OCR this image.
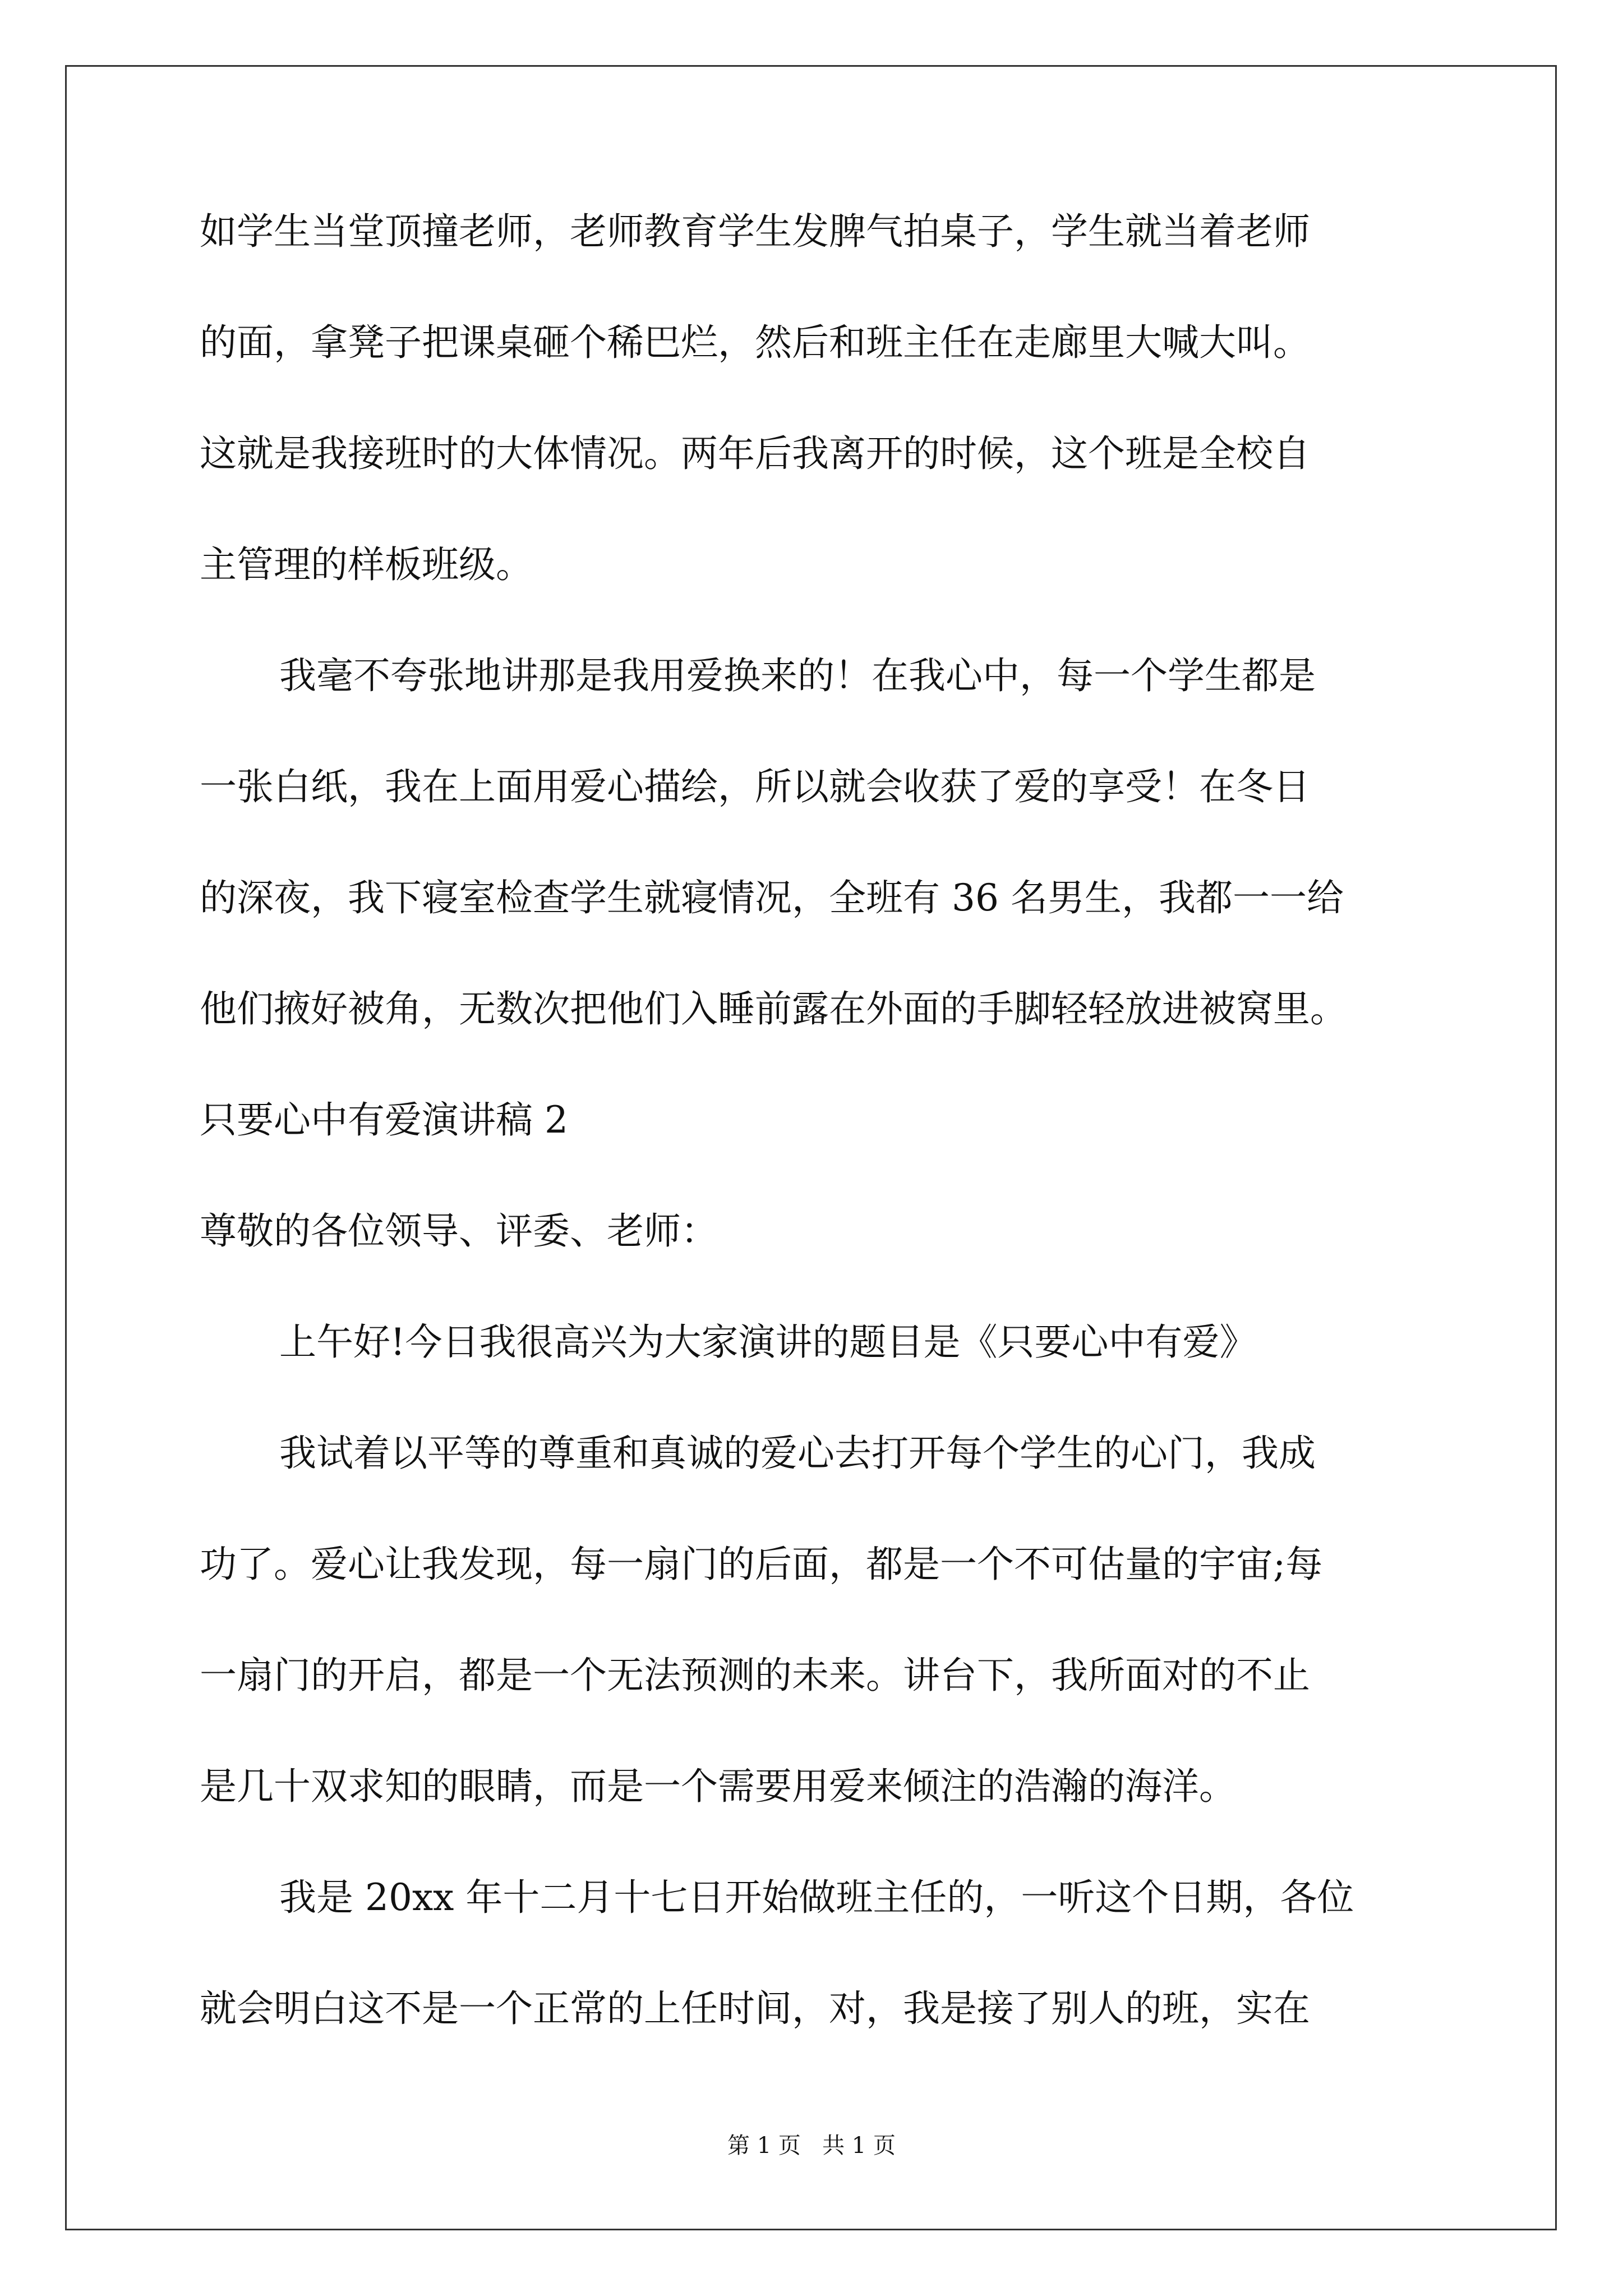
如学生当堂顶撞老师，老师教育学生发脾气拍桌子，学生就当着老师
的面，拿凳子把课桌砸个稀巴烂，然后和班主任在走廊里大喊大叫。
这就是我接班时的大体情况。两年后我离开的时候，这个班是全校自
主管理的样板班级。
我毫不夸张地讲那是我用爱换来的！在我心中，每一个学生都是
一张白纸，我在上面用爱心描绘，所以就会收获了爱的享受！在冬日
的深夜，我下寝室检查学生就寝情况，全班有 36 名男生，我都一一给
他们掖好被角，无数次把他们入睡前露在外面的手脚轻轻放进被窝里。
只要心中有爱演讲稿 2
尊敬的各位领导、评委、老师：
上午好!今日我很高兴为大家演讲的题目是《只要心中有爱》
我试着以平等的尊重和真诚的爱心去打开每个学生的心门，我成
功了。爱心让我发现，每一扇门的后面，都是一个不可估量的宇宙;每
一扇门的开启，都是一个无法预测的未来。讲台下，我所面对的不止
是几十双求知的眼睛，而是一个需要用爱来倾注的浩瀚的海洋。
我是 20xx 年十二月十七日开始做班主任的，一听这个日期，各位
第 1 页   共 1 页
就会明白这不是一个正常的上任时间，对，我是接了别人的班，实在
